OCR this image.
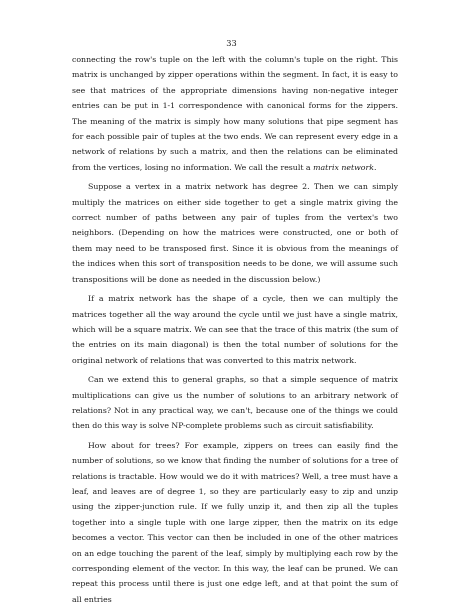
33

connecting the row's tuple on the left with the column's tuple on the right. This matrix is unchanged by zipper operations within the segment. In fact, it is easy to see that matrices of the appropriate dimensions having non-negative integer entries can be put in 1-1 correspondence with canonical forms for the zippers. The meaning of the matrix is simply how many solutions that pipe segment has for each possible pair of tuples at the two ends. We can represent every edge in a network of relations by such a matrix, and then the relations can be eliminated from the vertices, losing no information. We call the result a matrix network.

Suppose a vertex in a matrix network has degree 2. Then we can simply multiply the matrices on either side together to get a single matrix giving the correct number of paths between any pair of tuples from the vertex's two neighbors. (Depending on how the matrices were constructed, one or both of them may need to be transposed first. Since it is obvious from the meanings of the indices when this sort of transposition needs to be done, we will assume such transpositions will be done as needed in the discussion below.)

If a matrix network has the shape of a cycle, then we can multiply the matrices together all the way around the cycle until we just have a single matrix, which will be a square matrix. We can see that the trace of this matrix (the sum of the entries on its main diagonal) is then the total number of solutions for the original network of relations that was converted to this matrix network.

Can we extend this to general graphs, so that a simple sequence of matrix multiplications can give us the number of solutions to an arbitrary network of relations? Not in any practical way, we can't, because one of the things we could then do this way is solve NP-complete problems such as circuit satisfiability.

How about for trees? For example, zippers on trees can easily find the number of solutions, so we know that finding the number of solutions for a tree of relations is tractable. How would we do it with matrices? Well, a tree must have a leaf, and leaves are of degree 1, so they are particularly easy to zip and unzip using the zipper-junction rule. If we fully unzip it, and then zip all the tuples together into a single tuple with one large zipper, then the matrix on its edge becomes a vector. This vector can then be included in one of the other matrices on an edge touching the parent of the leaf, simply by multiplying each row by the corresponding element of the vector. In this way, the leaf can be pruned. We can repeat this process until there is just one edge left, and at that point the sum of all entries
